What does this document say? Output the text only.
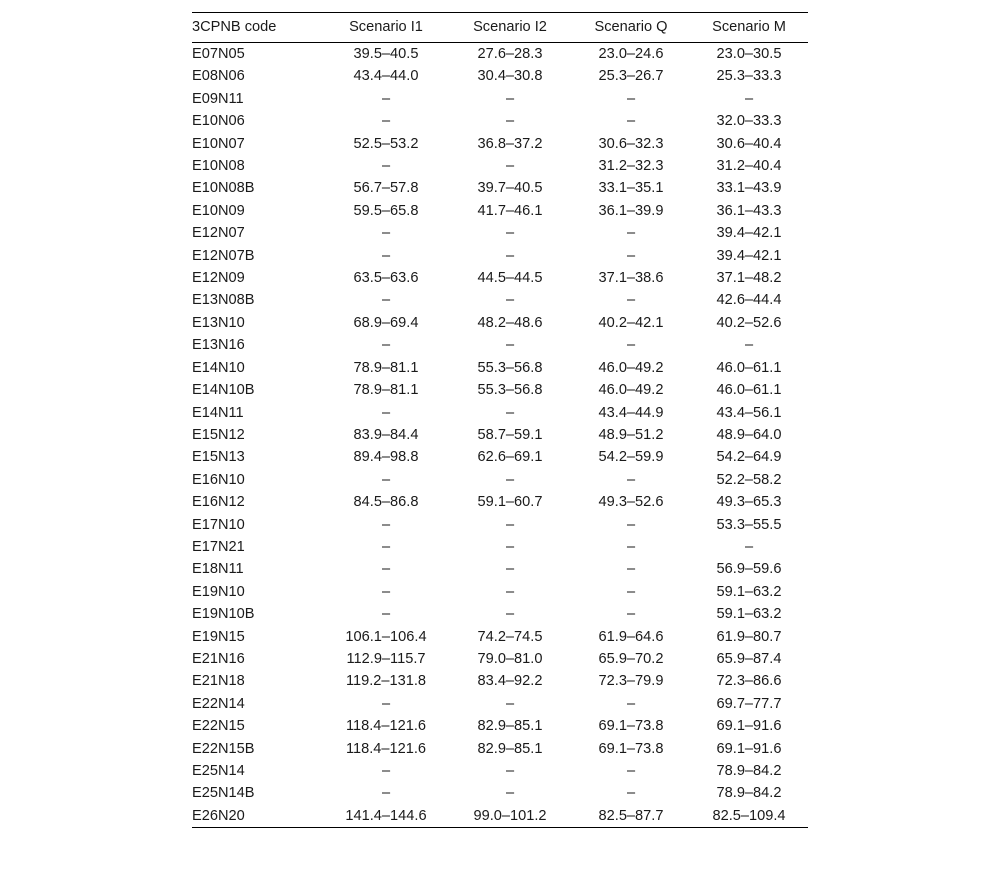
3CPNB code	Scenario I1	Scenario I2	Scenario Q	Scenario M
E07N05	39.5–40.5	27.6–28.3	23.0–24.6	23.0–30.5
E08N06	43.4–44.0	30.4–30.8	25.3–26.7	25.3–33.3
E09N11	–	–	–	–
E10N06	–	–	–	32.0–33.3
E10N07	52.5–53.2	36.8–37.2	30.6–32.3	30.6–40.4
E10N08	–	–	31.2–32.3	31.2–40.4
E10N08B	56.7–57.8	39.7–40.5	33.1–35.1	33.1–43.9
E10N09	59.5–65.8	41.7–46.1	36.1–39.9	36.1–43.3
E12N07	–	–	–	39.4–42.1
E12N07B	–	–	–	39.4–42.1
E12N09	63.5–63.6	44.5–44.5	37.1–38.6	37.1–48.2
E13N08B	–	–	–	42.6–44.4
E13N10	68.9–69.4	48.2–48.6	40.2–42.1	40.2–52.6
E13N16	–	–	–	–
E14N10	78.9–81.1	55.3–56.8	46.0–49.2	46.0–61.1
E14N10B	78.9–81.1	55.3–56.8	46.0–49.2	46.0–61.1
E14N11	–	–	43.4–44.9	43.4–56.1
E15N12	83.9–84.4	58.7–59.1	48.9–51.2	48.9–64.0
E15N13	89.4–98.8	62.6–69.1	54.2–59.9	54.2–64.9
E16N10	–	–	–	52.2–58.2
E16N12	84.5–86.8	59.1–60.7	49.3–52.6	49.3–65.3
E17N10	–	–	–	53.3–55.5
E17N21	–	–	–	–
E18N11	–	–	–	56.9–59.6
E19N10	–	–	–	59.1–63.2
E19N10B	–	–	–	59.1–63.2
E19N15	106.1–106.4	74.2–74.5	61.9–64.6	61.9–80.7
E21N16	112.9–115.7	79.0–81.0	65.9–70.2	65.9–87.4
E21N18	119.2–131.8	83.4–92.2	72.3–79.9	72.3–86.6
E22N14	–	–	–	69.7–77.7
E22N15	118.4–121.6	82.9–85.1	69.1–73.8	69.1–91.6
E22N15B	118.4–121.6	82.9–85.1	69.1–73.8	69.1–91.6
E25N14	–	–	–	78.9–84.2
E25N14B	–	–	–	78.9–84.2
E26N20	141.4–144.6	99.0–101.2	82.5–87.7	82.5–109.4
